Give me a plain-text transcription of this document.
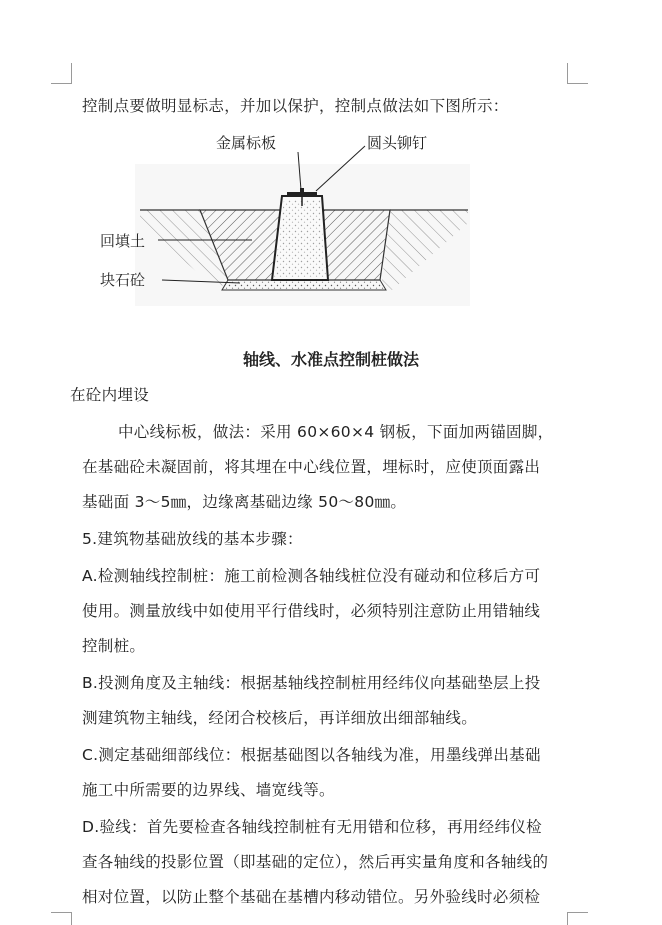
控制点要做明显标志，并加以保护，控制点做法如下图所示：
金属标板	圆头铆钉
回填土
块石砼
轴线、水准点控制桩做法
在砼内埋设
中心线标板，做法：采用 60×60×4 钢板，下面加两锚固脚，
在基础砼未凝固前，将其埋在中心线位置，埋标时，应使顶面露出
基础面 3～5㎜，边缘离基础边缘 50～80㎜。
5.建筑物基础放线的基本步骤：
A.检测轴线控制桩：施工前检测各轴线桩位没有碰动和位移后方可
使用。测量放线中如使用平行借线时，必须特别注意防止用错轴线
控制桩。
B.投测角度及主轴线：根据基轴线控制桩用经纬仪向基础垫层上投
测建筑物主轴线，经闭合校核后，再详细放出细部轴线。
C.测定基础细部线位：根据基础图以各轴线为准，用墨线弹出基础
施工中所需要的边界线、墙宽线等。
D.验线：首先要检查各轴线控制桩有无用错和位移，再用经纬仪检
查各轴线的投影位置（即基础的定位），然后再实量角度和各轴线的
相对位置，以防止整个基础在基槽内移动错位。另外验线时必须检
